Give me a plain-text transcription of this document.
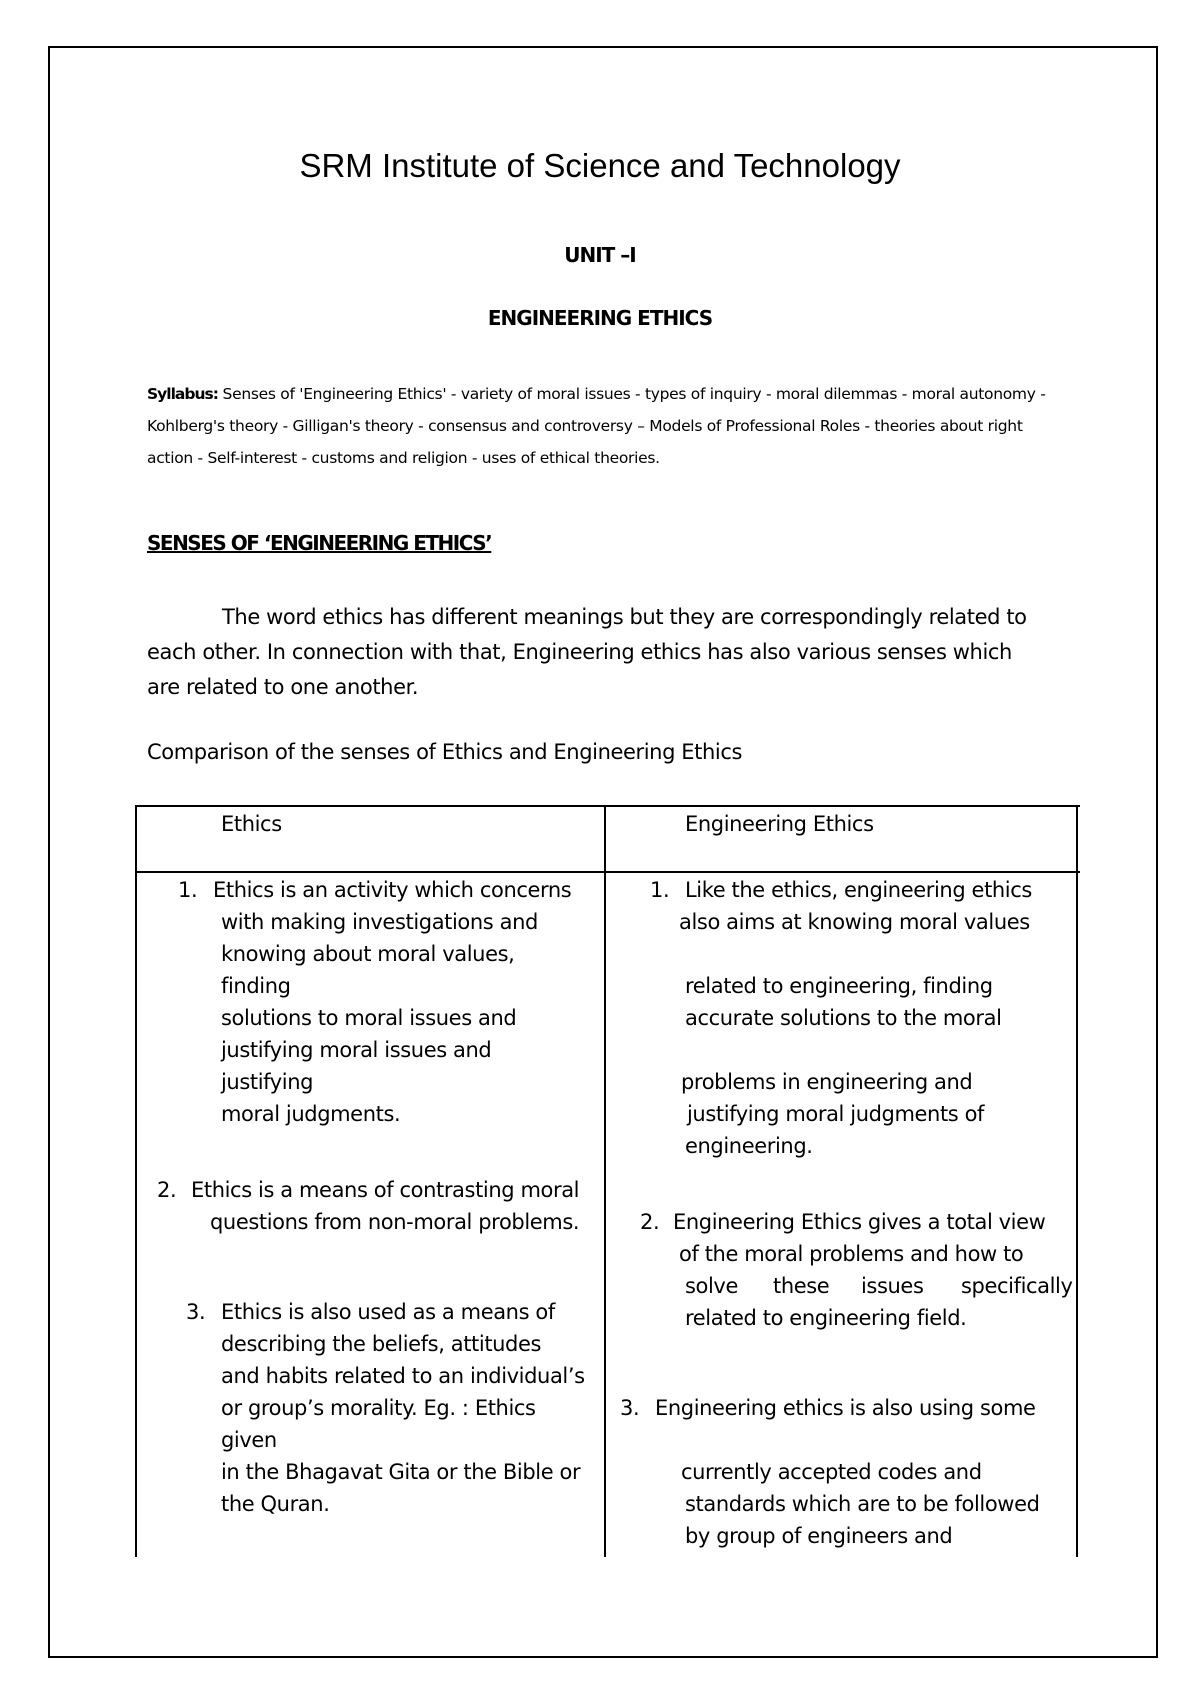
SRM Institute of Science and Technology
UNIT –I
ENGINEERING ETHICS
Syllabus: Senses of 'Engineering Ethics' - variety of moral issues - types of inquiry - moral dilemmas - moral autonomy -
Kohlberg's theory - Gilligan's theory - consensus and controversy – Models of Professional Roles - theories about right
action - Self-interest - customs and religion - uses of ethical theories.
SENSES OF ‘ENGINEERING ETHICS’
The word ethics has different meanings but they are correspondingly related to
each other. In connection with that, Engineering ethics has also various senses which
are related to one another.
Comparison of the senses of Ethics and Engineering Ethics
Ethics	Engineering Ethics
1. Ethics is an activity which concerns
with making investigations and
knowing about moral values,
finding
solutions to moral issues and
justifying moral issues and
justifying
moral judgments.
2. Ethics is a means of contrasting moral
questions from non-moral problems.
3. Ethics is also used as a means of
describing the beliefs, attitudes
and habits related to an individual’s
or group’s morality. Eg. : Ethics
given
in the Bhagavat Gita or the Bible or
the Quran.
1. Like the ethics, engineering ethics
also aims at knowing moral values
related to engineering, finding
accurate solutions to the moral
problems in engineering and
justifying moral judgments of
engineering.
2. Engineering Ethics gives a total view
of the moral problems and how to
solve these issues specifically
related to engineering field.
3. Engineering ethics is also using some
currently accepted codes and
standards which are to be followed
by group of engineers and
